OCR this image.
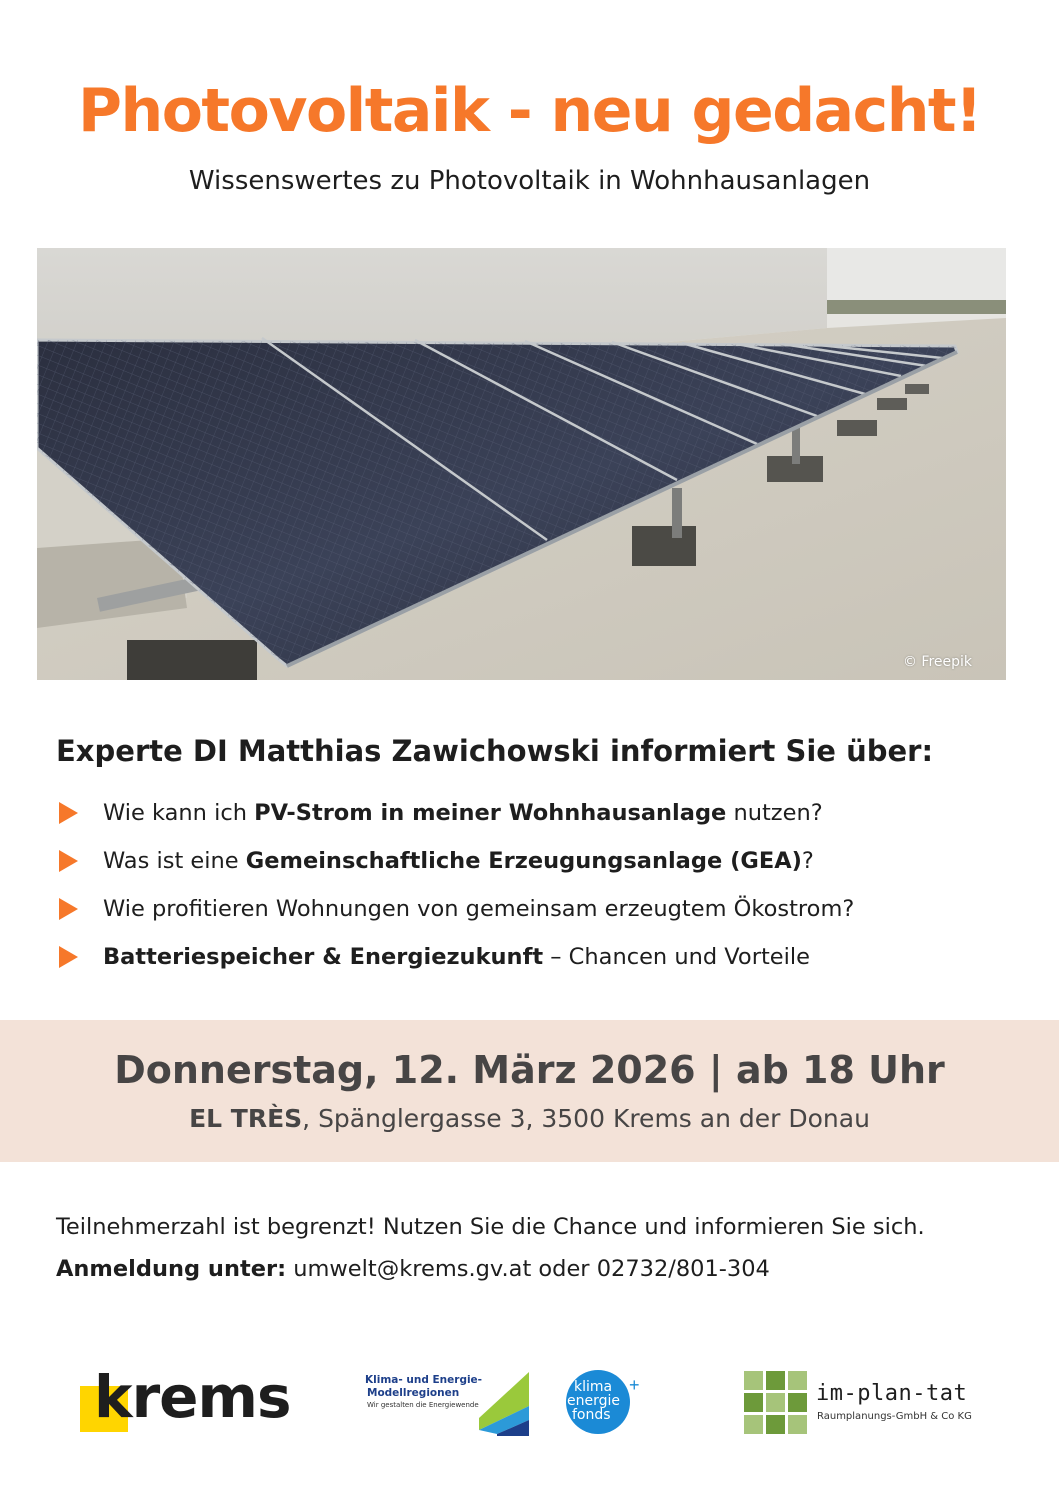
Photovoltaik - neu gedacht!
Wissenswertes zu Photovoltaik in Wohnhausanlagen
© Freepik
Experte DI Matthias Zawichowski informiert Sie über:
Wie kann ich PV-Strom in meiner Wohnhausanlage nutzen?
Was ist eine Gemeinschaftliche Erzeugungsanlage (GEA)?
Wie profitieren Wohnungen von gemeinsam erzeugtem Ökostrom?
Batteriespeicher & Energiezukunft – Chancen und Vorteile
Donnerstag, 12. März 2026 | ab 18 Uhr
EL TRÈS, Spänglergasse 3, 3500 Krems an der Donau
Teilnehmerzahl ist begrenzt! Nutzen Sie die Chance und informieren Sie sich.
Anmeldung unter: umwelt@krems.gv.at oder 02732/801-304
krems	Klima- und Energie-
Modellregionen
Wir gestalten die Energiewende
klima
energie
fonds
+	im-plan-tat
Raumplanungs-GmbH & Co KG
